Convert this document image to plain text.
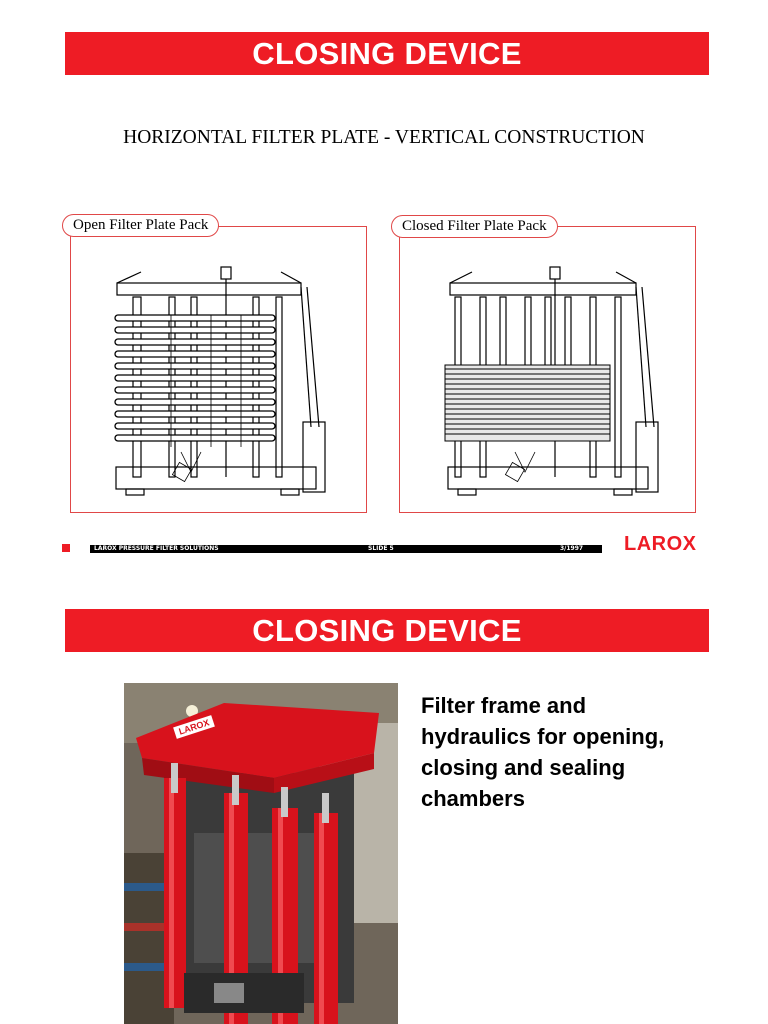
CLOSING DEVICE
HORIZONTAL FILTER PLATE - VERTICAL CONSTRUCTION
Open Filter Plate Pack	Closed Filter Plate Pack
LAROX PRESSURE FILTER SOLUTIONS	SLIDE 5	3/1997 LAROX
CLOSING DEVICE
LAROX
Filter frame and
hydraulics for opening,
closing and sealing
chambers
